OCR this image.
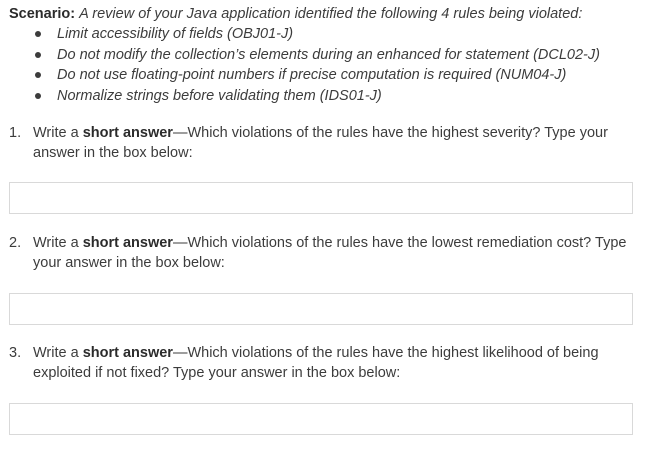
Scenario: A review of your Java application identified the following 4 rules being violated:
Limit accessibility of fields (OBJ01-J)
Do not modify the collection’s elements during an enhanced for statement (DCL02-J)
Do not use floating-point numbers if precise computation is required (NUM04-J)
Normalize strings before validating them (IDS01-J)
1. Write a short answer—Which violations of the rules have the highest severity? Type your answer in the box below:
2. Write a short answer—Which violations of the rules have the lowest remediation cost? Type your answer in the box below:
3. Write a short answer—Which violations of the rules have the highest likelihood of being exploited if not fixed? Type your answer in the box below:
